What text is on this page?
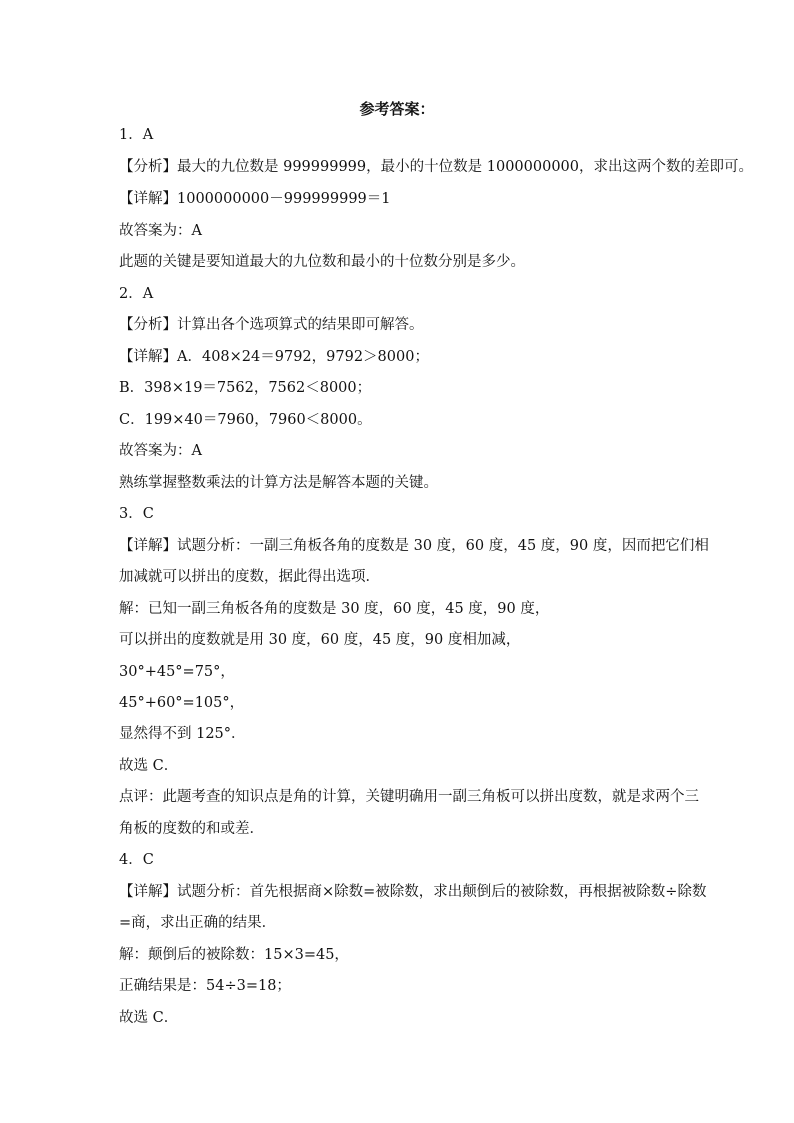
参考答案：
1．A
【分析】最大的九位数是 999999999，最小的十位数是 1000000000，求出这两个数的差即可。
【详解】1000000000－999999999＝1
故答案为：A
此题的关键是要知道最大的九位数和最小的十位数分别是多少。
2．A
【分析】计算出各个选项算式的结果即可解答。
【详解】A．408×24＝9792，9792＞8000；
B．398×19＝7562，7562＜8000；
C．199×40＝7960，7960＜8000。
故答案为：A
熟练掌握整数乘法的计算方法是解答本题的关键。
3．C
【详解】试题分析：一副三角板各角的度数是 30 度，60 度，45 度，90 度，因而把它们相
加减就可以拼出的度数，据此得出选项．
解：已知一副三角板各角的度数是 30 度，60 度，45 度，90 度，
可以拼出的度数就是用 30 度，60 度，45 度，90 度相加减，
30°+45°=75°，
45°+60°=105°，
显然得不到 125°．
故选 C．
点评：此题考查的知识点是角的计算，关键明确用一副三角板可以拼出度数，就是求两个三
角板的度数的和或差．
4．C
【详解】试题分析：首先根据商×除数=被除数，求出颠倒后的被除数，再根据被除数÷除数
=商，求出正确的结果．
解：颠倒后的被除数：15×3=45，
正确结果是：54÷3=18；
故选 C．
